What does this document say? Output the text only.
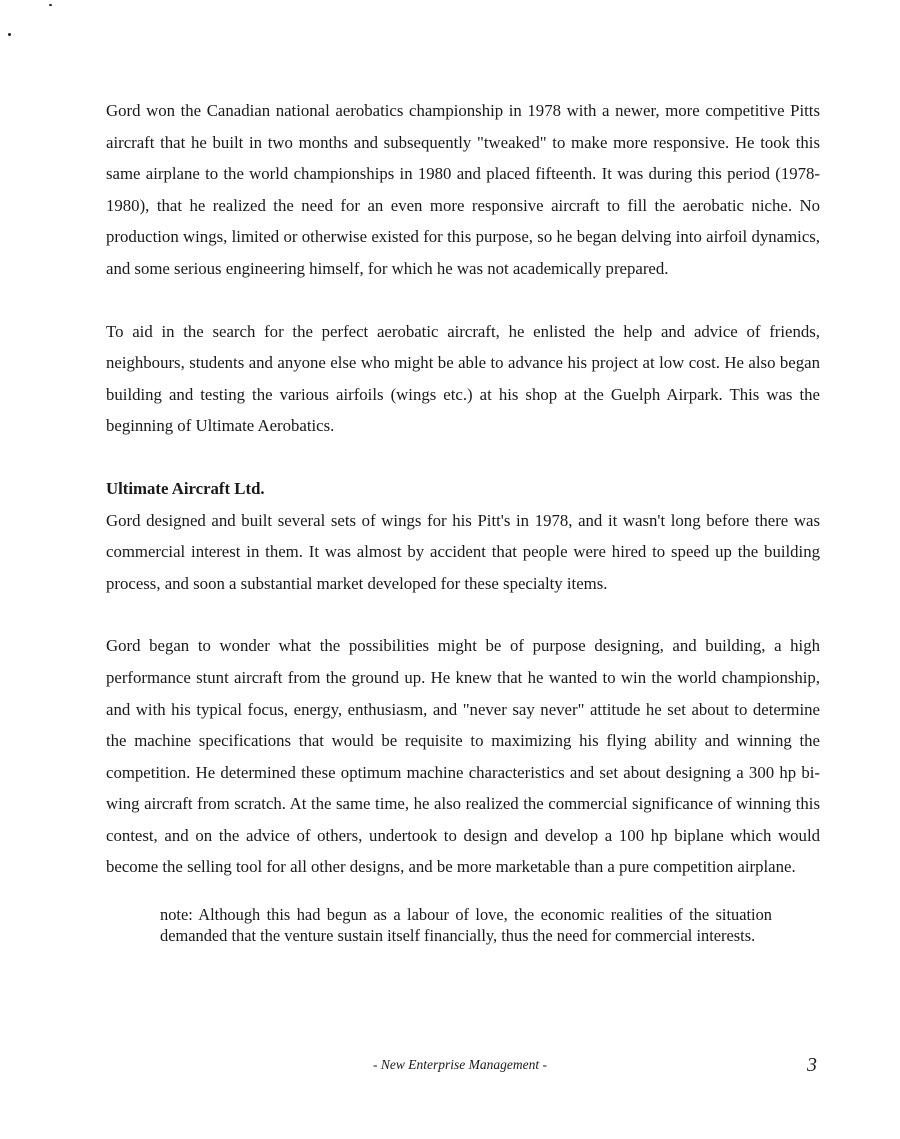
Gord won the Canadian national aerobatics championship in 1978 with a newer, more competitive Pitts aircraft that he built in two months and subsequently "tweaked" to make more responsive. He took this same airplane to the world championships in 1980 and placed fifteenth. It was during this period (1978-1980), that he realized the need for an even more responsive aircraft to fill the aerobatic niche. No production wings, limited or otherwise existed for this purpose, so he began delving into airfoil dynamics, and some serious engineering himself, for which he was not academically prepared.

To aid in the search for the perfect aerobatic aircraft, he enlisted the help and advice of friends, neighbours, students and anyone else who might be able to advance his project at low cost. He also began building and testing the various airfoils (wings etc.) at his shop at the Guelph Airpark. This was the beginning of Ultimate Aerobatics.

Ultimate Aircraft Ltd.

Gord designed and built several sets of wings for his Pitt's in 1978, and it wasn't long before there was commercial interest in them. It was almost by accident that people were hired to speed up the building process, and soon a substantial market developed for these specialty items.

Gord began to wonder what the possibilities might be of purpose designing, and building, a high performance stunt aircraft from the ground up. He knew that he wanted to win the world championship, and with his typical focus, energy, enthusiasm, and "never say never" attitude he set about to determine the machine specifications that would be requisite to maximizing his flying ability and winning the competition. He determined these optimum machine characteristics and set about designing a 300 hp bi-wing aircraft from scratch. At the same time, he also realized the commercial significance of winning this contest, and on the advice of others, undertook to design and develop a 100 hp biplane which would become the selling tool for all other designs, and be more marketable than a pure competition airplane.

note: Although this had begun as a labour of love, the economic realities of the situation demanded that the venture sustain itself financially, thus the need for commercial interests.

- New Enterprise Management -	3
